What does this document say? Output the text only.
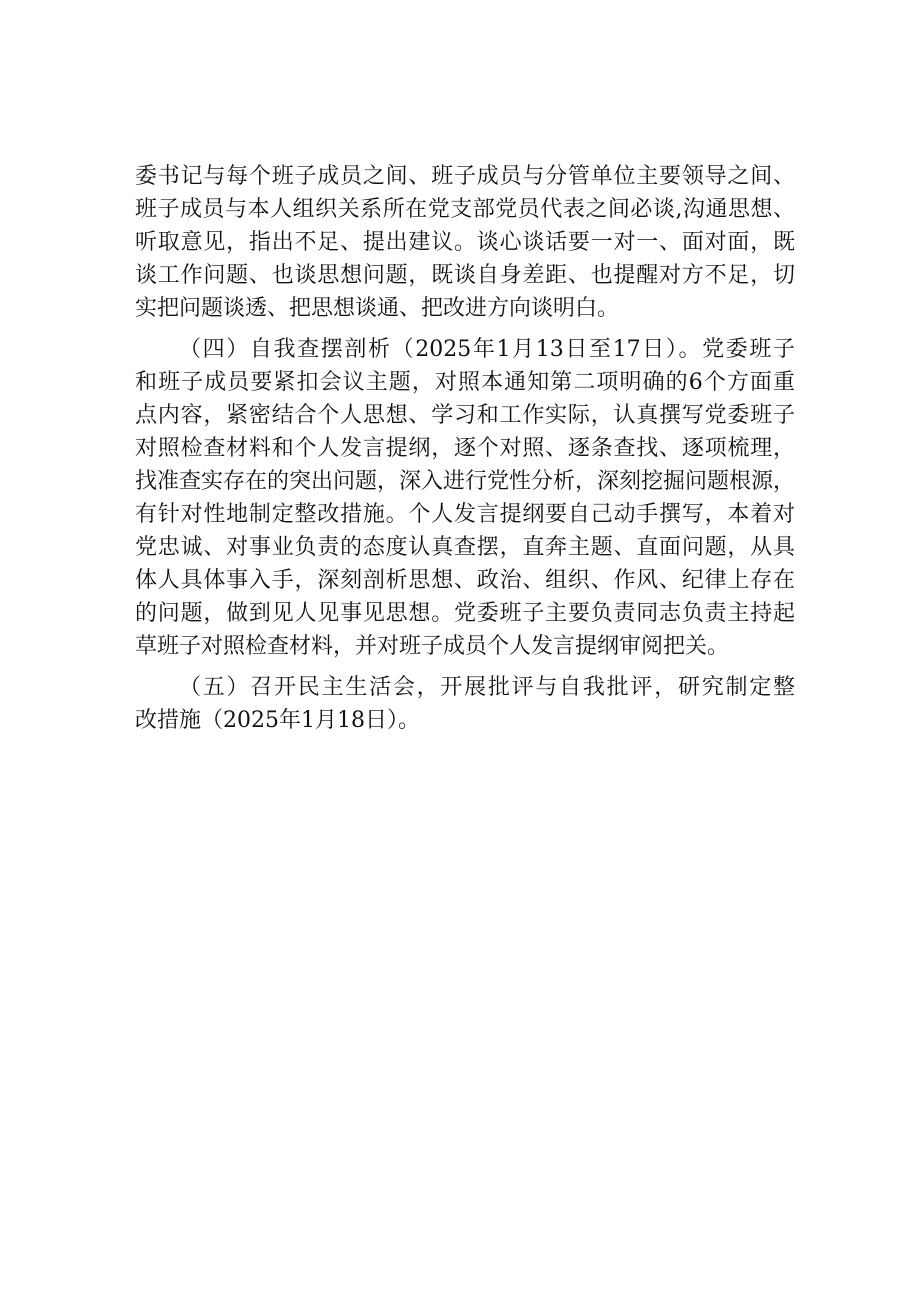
委书记与每个班子成员之间、班子成员与分管单位主要领导之间、
班子成员与本人组织关系所在党支部党员代表之间必谈,沟通思想、
听取意见，指出不足、提出建议。谈心谈话要一对一、面对面，既
谈工作问题、也谈思想问题，既谈自身差距、也提醒对方不足，切
实把问题谈透、把思想谈通、把改进方向谈明白。
（四）自我查摆剖析（2025年1月13日至17日）。党委班子
和班子成员要紧扣会议主题，对照本通知第二项明确的6个方面重
点内容，紧密结合个人思想、学习和工作实际，认真撰写党委班子
对照检查材料和个人发言提纲，逐个对照、逐条查找、逐项梳理，
找准查实存在的突出问题，深入进行党性分析，深刻挖掘问题根源，
有针对性地制定整改措施。个人发言提纲要自己动手撰写，本着对
党忠诚、对事业负责的态度认真查摆，直奔主题、直面问题，从具
体人具体事入手，深刻剖析思想、政治、组织、作风、纪律上存在
的问题，做到见人见事见思想。党委班子主要负责同志负责主持起
草班子对照检查材料，并对班子成员个人发言提纲审阅把关。
（五）召开民主生活会，开展批评与自我批评，研究制定整
改措施（2025年1月18日）。
